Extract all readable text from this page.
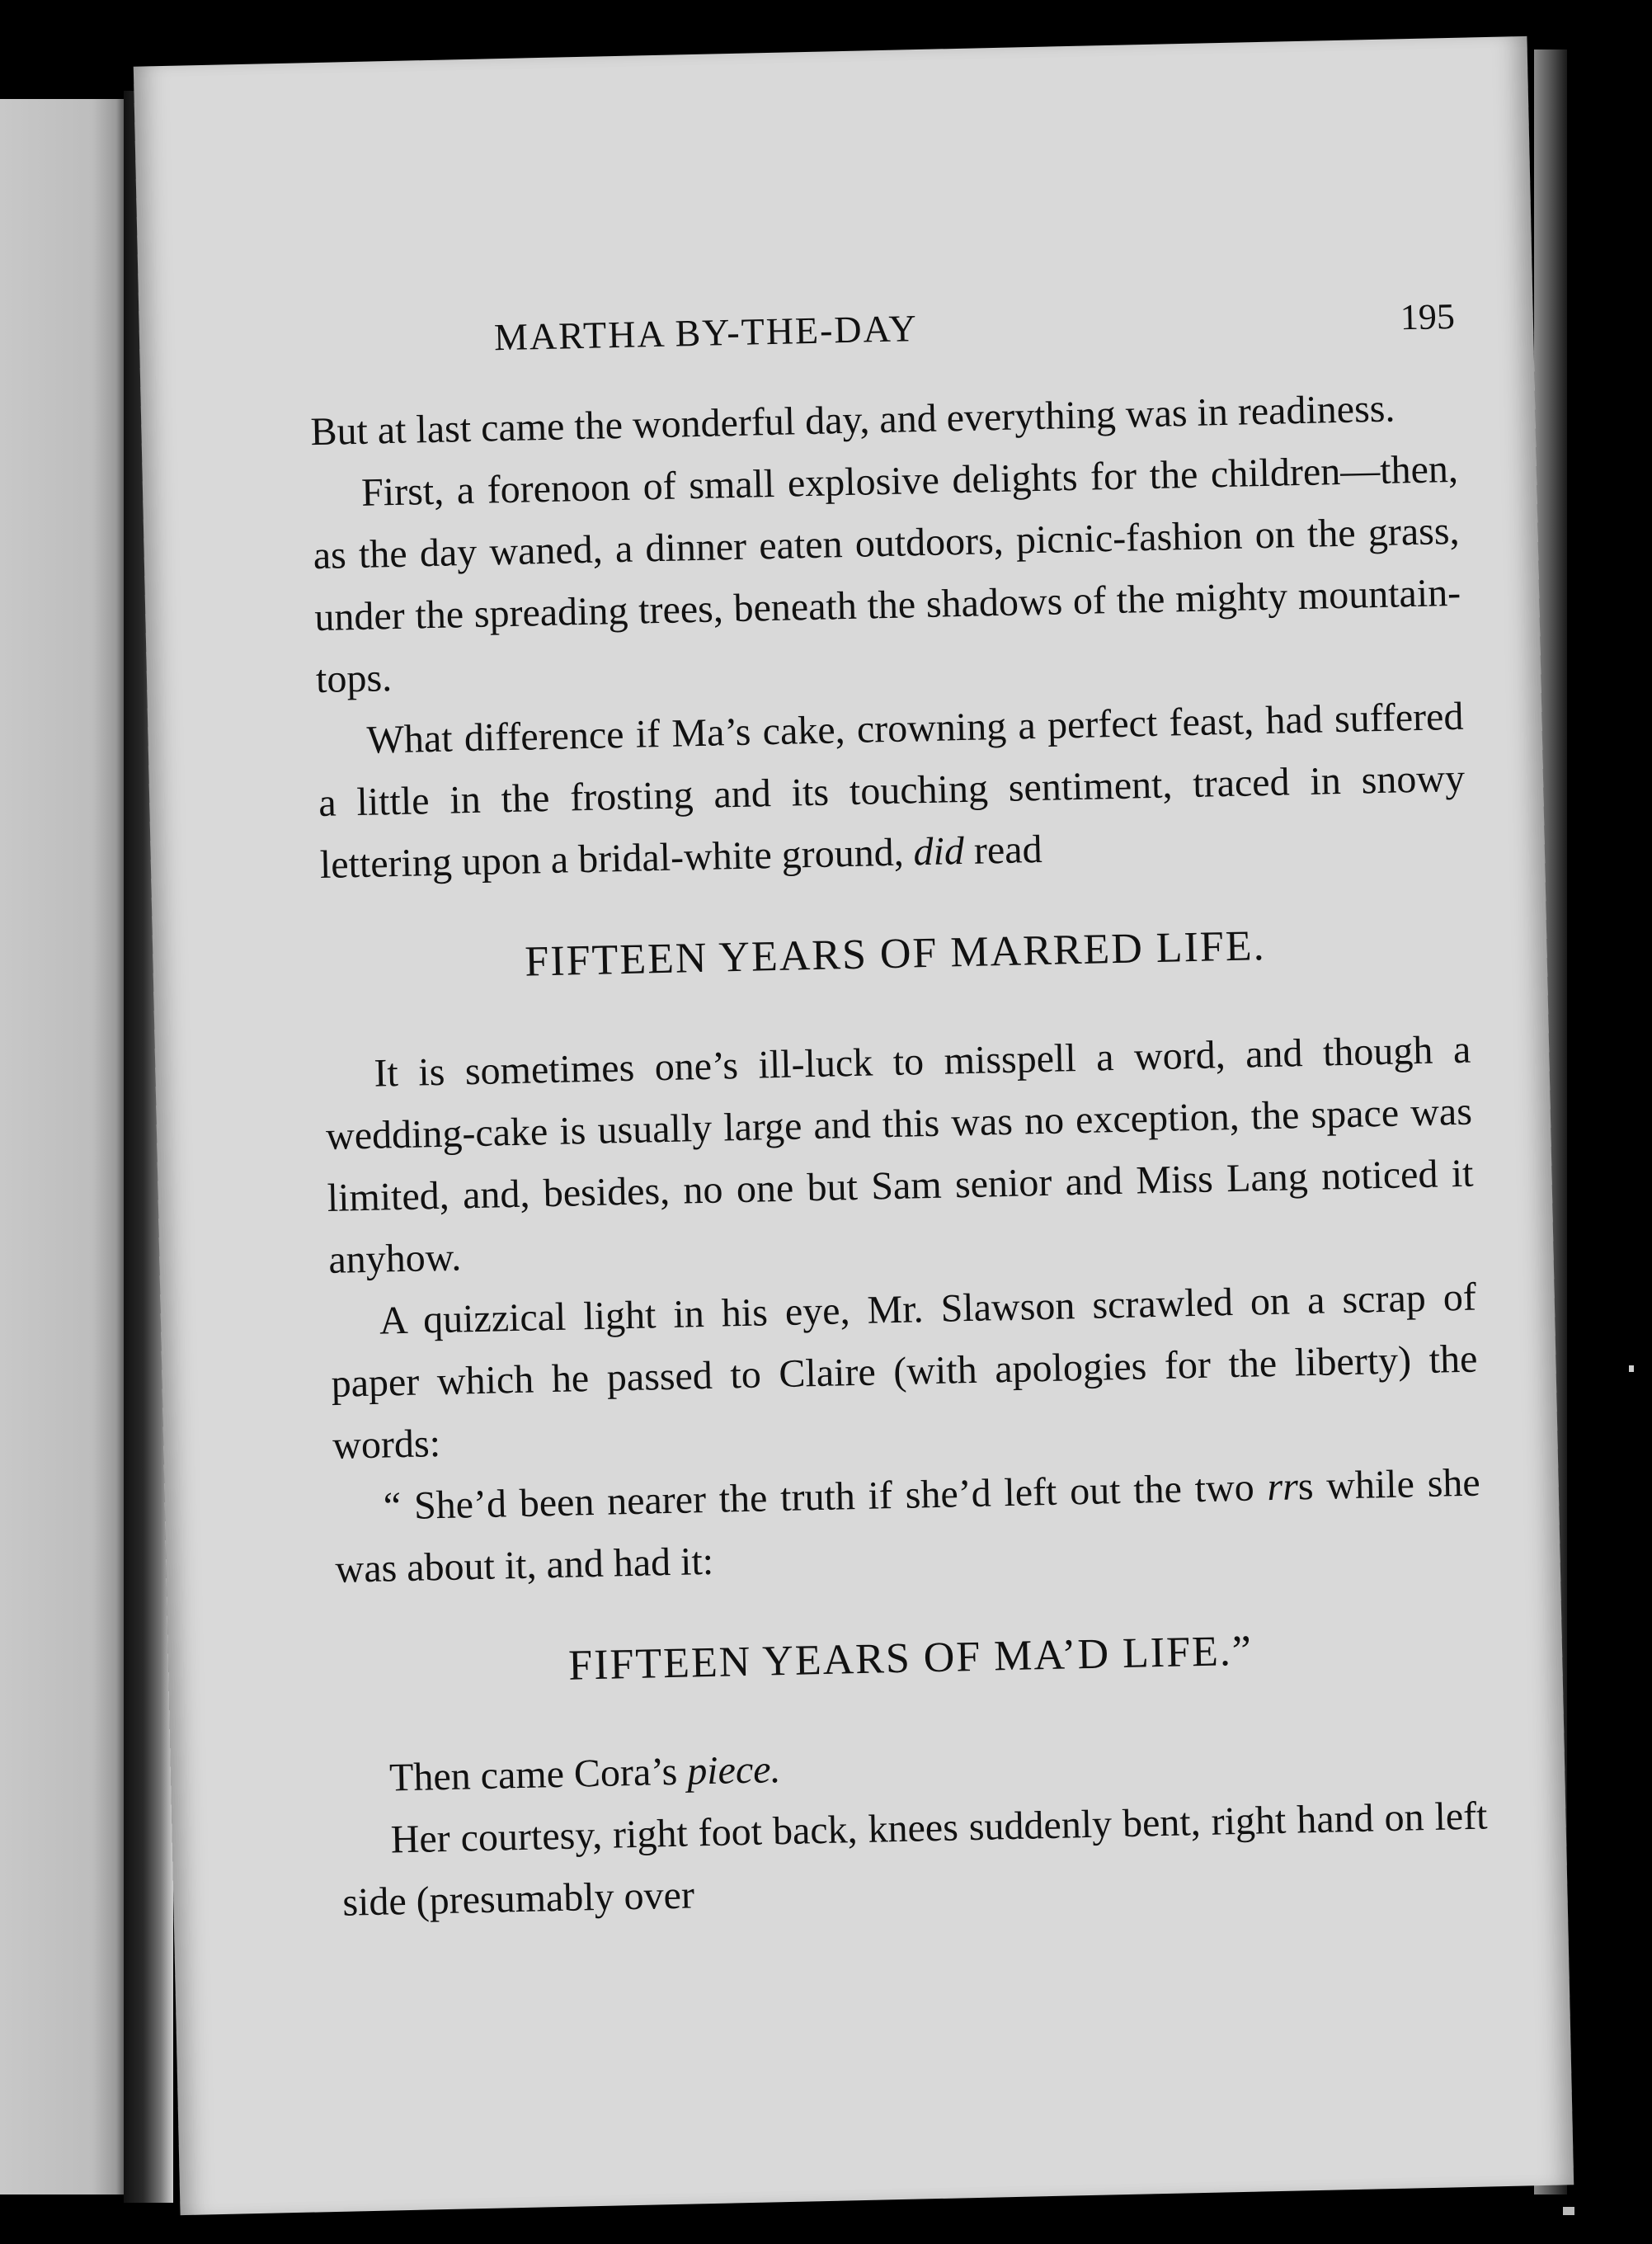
MARTHA BY-THE-DAY	195

But at last came the wonderful day, and everything was in readiness.

First, a forenoon of small explosive delights for the children—then, as the day waned, a dinner eaten outdoors, picnic-fashion on the grass, under the spreading trees, beneath the shadows of the mighty mountain-tops.

What difference if Ma’s cake, crowning a perfect feast, had suffered a little in the frosting and its touching sentiment, traced in snowy lettering upon a bridal-white ground, did read

FIFTEEN YEARS OF MARRED LIFE.

It is sometimes one’s ill-luck to misspell a word, and though a wedding-cake is usually large and this was no exception, the space was limited, and, besides, no one but Sam senior and Miss Lang noticed it anyhow.

A quizzical light in his eye, Mr. Slawson scrawled on a scrap of paper which he passed to Claire (with apologies for the liberty) the words:

“ She’d been nearer the truth if she’d left out the two rrs while she was about it, and had it:

FIFTEEN YEARS OF MA’D LIFE.”

Then came Cora’s piece.

Her courtesy, right foot back, knees suddenly bent, right hand on left side (presumably over
